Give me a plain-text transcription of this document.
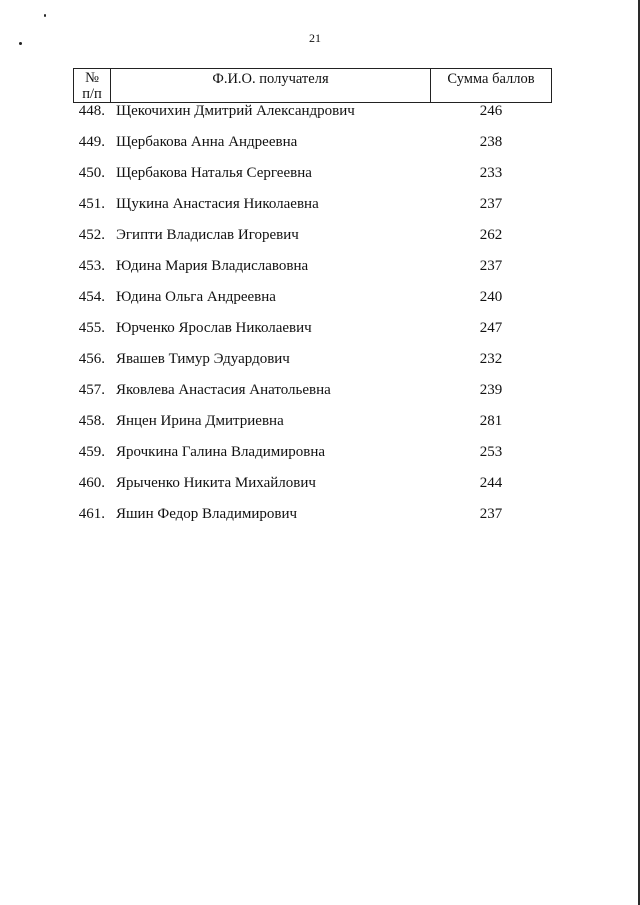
21
№
п/п
Ф.И.О. получателя	Сумма баллов
448. Щекочихин Дмитрий Александрович	246
449. Щербакова Анна Андреевна	238
450. Щербакова Наталья Сергеевна	233
451. Щукина Анастасия Николаевна	237
452. Эгипти Владислав Игоревич	262
453. Юдина Мария Владиславовна	237
454. Юдина Ольга Андреевна	240
455. Юрченко Ярослав Николаевич	247
456. Явашев Тимур Эдуардович	232
457. Яковлева Анастасия Анатольевна	239
458. Янцен Ирина Дмитриевна	281
459. Ярочкина Галина Владимировна	253
460. Ярыченко Никита Михайлович	244
461. Яшин Федор Владимирович	237
